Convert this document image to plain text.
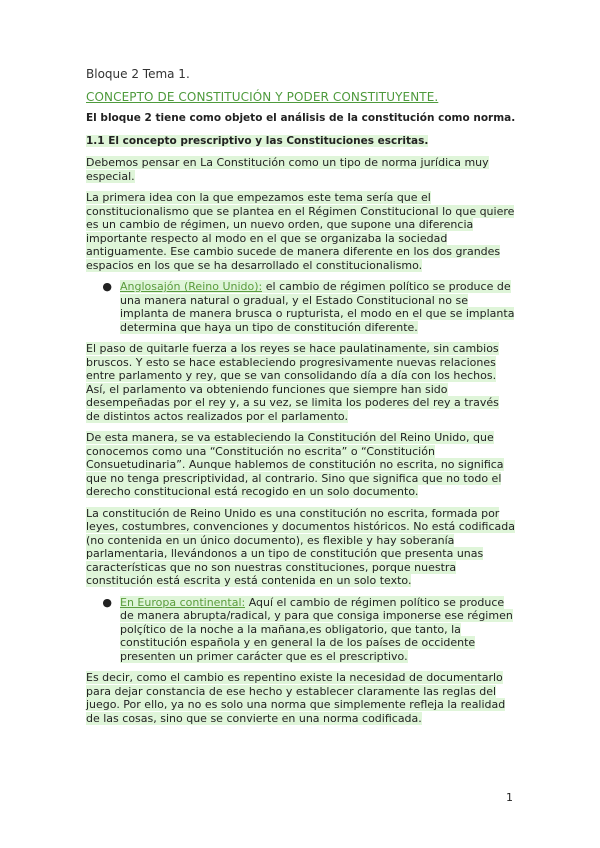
Bloque 2 Tema 1.

CONCEPTO DE CONSTITUCIÓN Y PODER CONSTITUYENTE.

El bloque 2 tiene como objeto el análisis de la constitución como norma.

1.1 El concepto prescriptivo y las Constituciones escritas.

Debemos pensar en La Constitución como un tipo de norma jurídica muy especial.

La primera idea con la que empezamos este tema sería que el constitucionalismo que se plantea en el Régimen Constitucional lo que quiere es un cambio de régimen, un nuevo orden, que supone una diferencia importante respecto al modo en el que se organizaba la sociedad antiguamente. Ese cambio sucede de manera diferente en los dos grandes espacios en los que se ha desarrollado el constitucionalismo.

● Anglosajón (Reino Unido): el cambio de régimen político se produce de una manera natural o gradual, y el Estado Constitucional no se implanta de manera brusca o rupturista, el modo en el que se implanta determina que haya un tipo de constitución diferente.

El paso de quitarle fuerza a los reyes se hace paulatinamente, sin cambios bruscos. Y esto se hace estableciendo progresivamente nuevas relaciones entre parlamento y rey, que se van consolidando día a día con los hechos. Así, el parlamento va obteniendo funciones que siempre han sido desempeñadas por el rey y, a su vez, se limita los poderes del rey a través de distintos actos realizados por el parlamento.

De esta manera, se va estableciendo la Constitución del Reino Unido, que conocemos como una “Constitución no escrita” o “Constitución Consuetudinaria”. Aunque hablemos de constitución no escrita, no significa que no tenga prescriptividad, al contrario. Sino que significa que no todo el derecho constitucional está recogido en un solo documento.

La constitución de Reino Unido es una constitución no escrita, formada por leyes, costumbres, convenciones y documentos históricos. No está codificada (no contenida en un único documento), es flexible y hay soberanía parlamentaria, llevándonos a un tipo de constitución que presenta unas características que no son nuestras constituciones, porque nuestra constitución está escrita y está contenida en un solo texto.

● En Europa continental: Aquí el cambio de régimen político se produce de manera abrupta/radical, y para que consiga imponerse ese régimen polçítico de la noche a la mañana,es obligatorio, que tanto, la constitución española y en general la de los países de occidente presenten un primer carácter que es el prescriptivo.

Es decir, como el cambio es repentino existe la necesidad de documentarlo para dejar constancia de ese hecho y establecer claramente las reglas del juego. Por ello, ya no es solo una norma que simplemente refleja la realidad de las cosas, sino que se convierte en una norma codificada.

1
